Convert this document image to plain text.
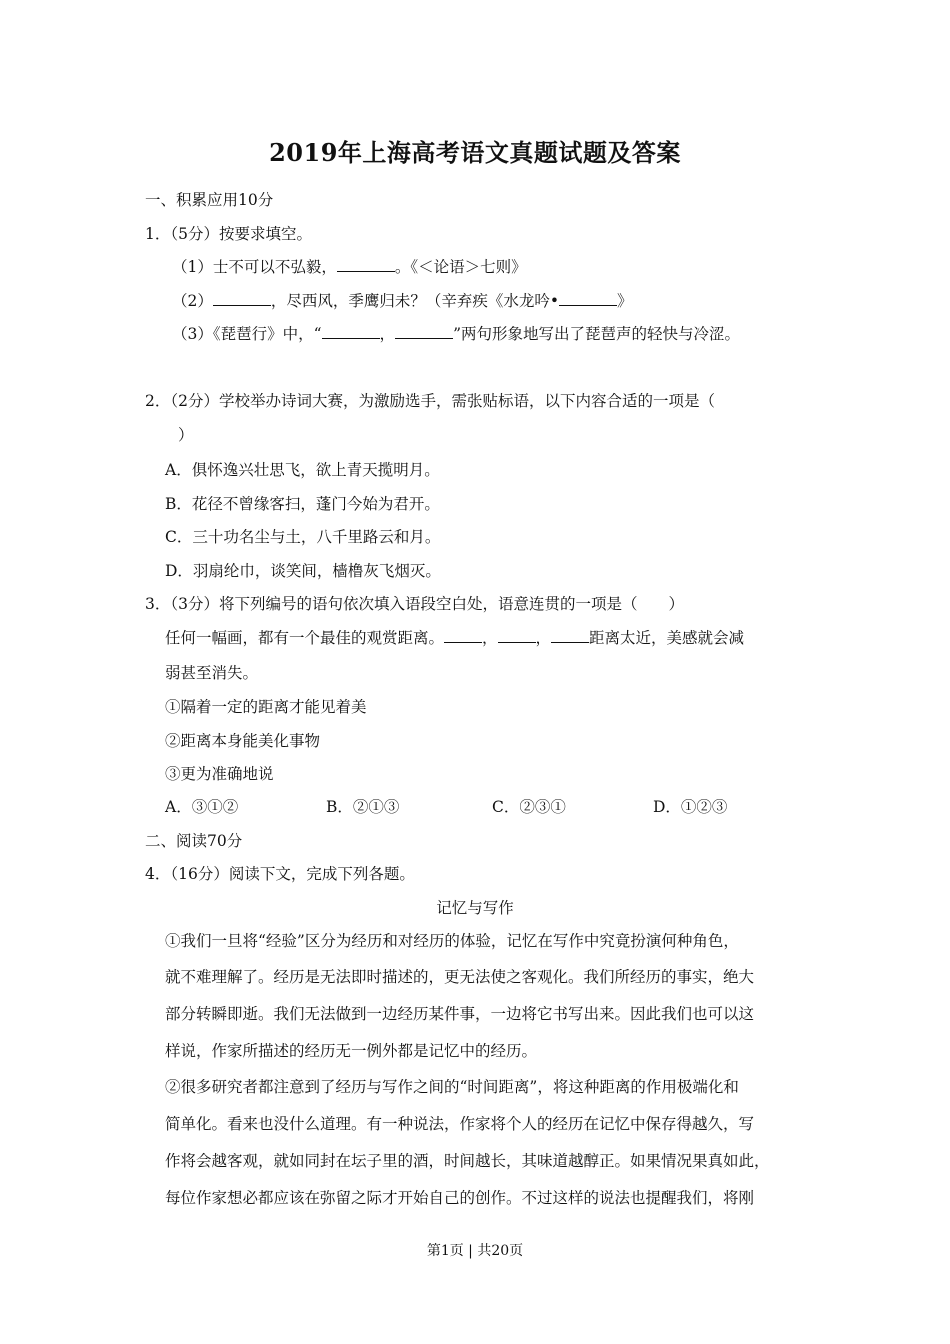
2019年上海高考语文真题试题及答案
一、积累应用10分
1．（5分）按要求填空。
（1）士不可以不弘毅，	。《＜论语＞七则》
（2）	，尽西风，季鹰归未？（辛弃疾《水龙吟•	》
（3）《琵琶行》中，“	，	”两句形象地写出了琵琶声的轻快与冷涩。
2．（2分）学校举办诗词大赛，为激励选手，需张贴标语，以下内容合适的一项是（
）
A．俱怀逸兴壮思飞，欲上青天揽明月。
B．花径不曾缘客扫，蓬门今始为君开。
C．三十功名尘与土，八千里路云和月。
D．羽扇纶巾，谈笑间，樯橹灰飞烟灭。
3．（3分）将下列编号的语句依次填入语段空白处，语意连贯的一项是（　　）
任何一幅画，都有一个最佳的观赏距离。 ， ， 距离太近，美感就会减
弱甚至消失。
①隔着一定的距离才能见着美
②距离本身能美化事物
③更为准确地说
A．③①②	B．②①③	C．②③①	D．①②③
二、阅读70分
4．（16分）阅读下文，完成下列各题。
记忆与写作
①我们一旦将“经验”区分为经历和对经历的体验，记忆在写作中究竟扮演何种角色，
就不难理解了。经历是无法即时描述的，更无法使之客观化。我们所经历的事实，绝大
部分转瞬即逝。我们无法做到一边经历某件事，一边将它书写出来。因此我们也可以这
样说，作家所描述的经历无一例外都是记忆中的经历。
②很多研究者都注意到了经历与写作之间的“时间距离”，将这种距离的作用极端化和
简单化。看来也没什么道理。有一种说法，作家将个人的经历在记忆中保存得越久，写
作将会越客观，就如同封在坛子里的酒，时间越长，其味道越醇正。如果情况果真如此，
每位作家想必都应该在弥留之际才开始自己的创作。不过这样的说法也提醒我们，将刚
第1页 | 共20页
